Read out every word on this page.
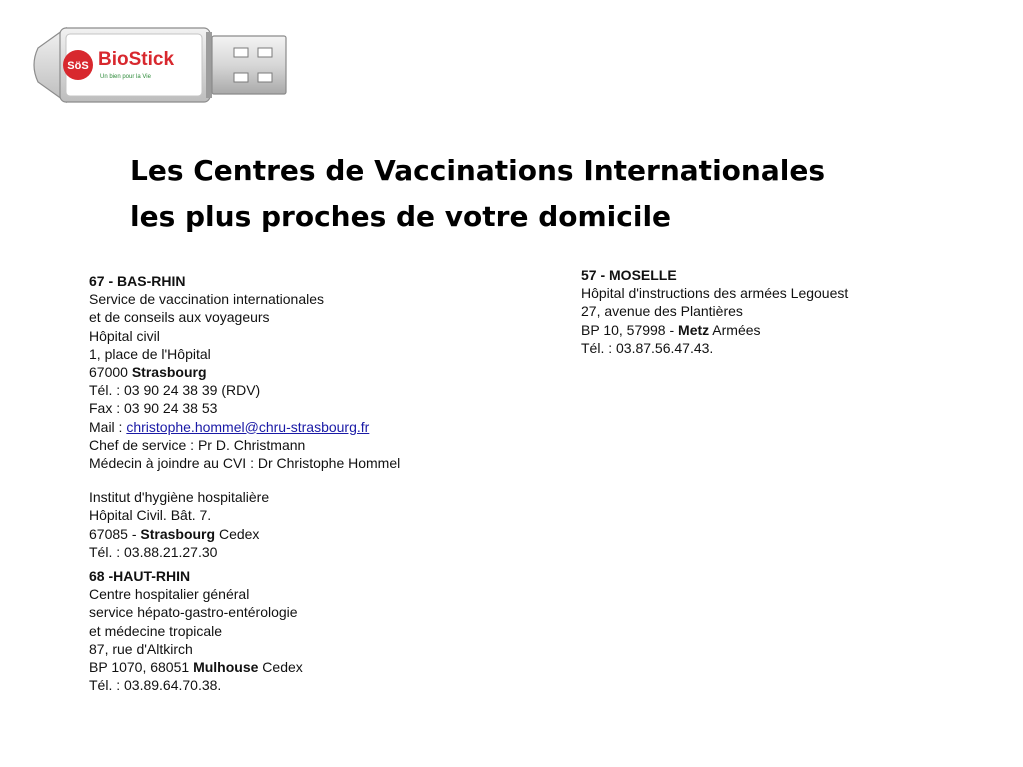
SöS BioStick
Un bien pour la Vie
Les Centres de Vaccinations Internationales
les plus proches de votre domicile
67 - BAS-RHIN
Service de vaccination internationales
et de conseils aux voyageurs
Hôpital civil
1, place de l'Hôpital
67000 Strasbourg
Tél. : 03 90 24 38 39 (RDV)
Fax : 03 90 24 38 53
Mail : christophe.hommel@chru-strasbourg.fr
Chef de service : Pr D. Christmann
Médecin à joindre au CVI : Dr Christophe Hommel
Institut d'hygiène hospitalière
Hôpital Civil. Bât. 7.
67085 - Strasbourg Cedex
Tél. : 03.88.21.27.30
68 -HAUT-RHIN
Centre hospitalier général
service hépato-gastro-entérologie
et médecine tropicale
87, rue d'Altkirch
BP 1070, 68051 Mulhouse Cedex
Tél. : 03.89.64.70.38.
57 - MOSELLE
Hôpital d'instructions des armées Legouest
27, avenue des Plantières
BP 10, 57998 - Metz Armées
Tél. : 03.87.56.47.43.
